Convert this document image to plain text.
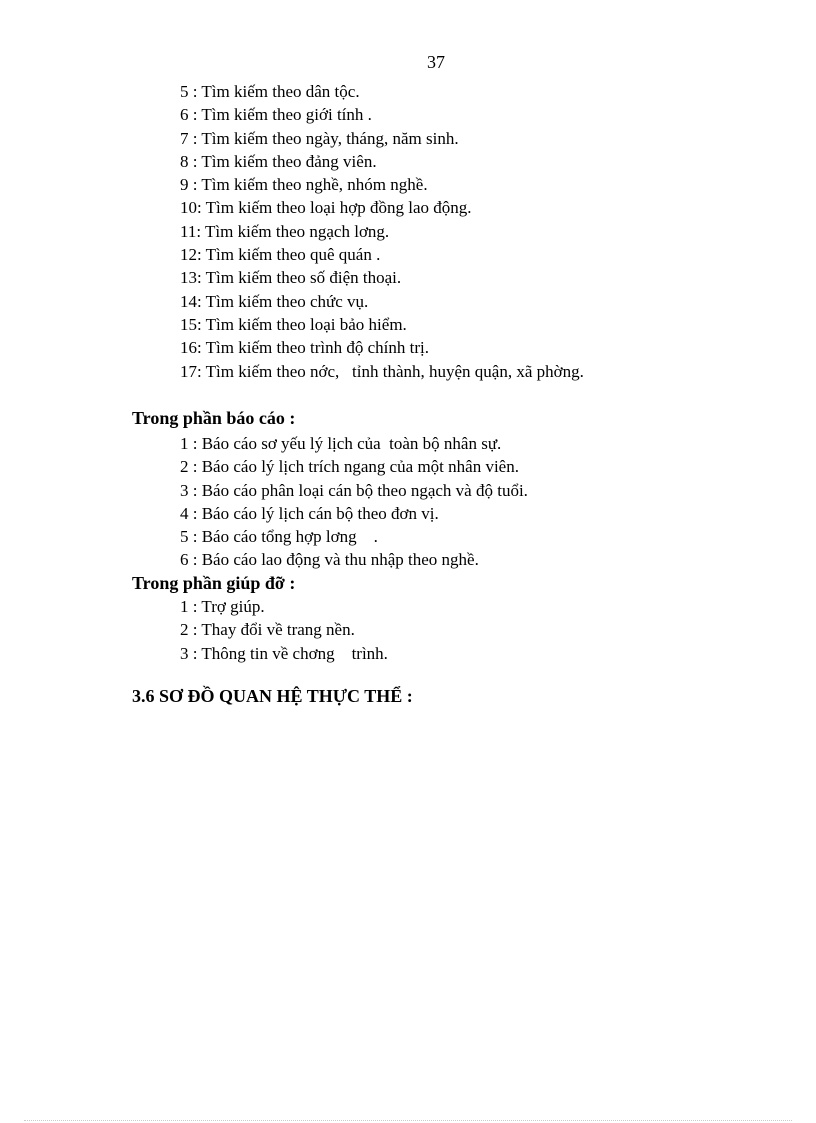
37
5 : Tìm kiếm theo dân tộc.
6 : Tìm kiếm theo giới tính .
7 : Tìm kiếm theo ngày, tháng, năm sinh.
8 : Tìm kiếm theo đảng viên.
9 : Tìm kiếm theo nghề, nhóm nghề.
10: Tìm kiếm theo loại hợp đồng lao động.
11: Tìm kiếm theo ngạch lơng.
12: Tìm kiếm theo quê quán .
13: Tìm kiếm theo số điện thoại.
14: Tìm kiếm theo chức vụ.
15: Tìm kiếm theo loại bảo hiểm.
16: Tìm kiếm theo trình độ chính trị.
17: Tìm kiếm theo nớc,   tỉnh thành, huyện quận, xã phờng.
Trong phần báo cáo :
1 : Báo cáo sơ yếu lý lịch của  toàn bộ nhân sự.
2 : Báo cáo lý lịch trích ngang của một nhân viên.
3 : Báo cáo phân loại cán bộ theo ngạch và độ tuổi.
4 : Báo cáo lý lịch cán bộ theo đơn vị.
5 : Báo cáo tổng hợp lơng    .
6 : Báo cáo lao động và thu nhập theo nghề.
Trong phần giúp đỡ :
1 : Trợ giúp.
2 : Thay đổi về trang nền.
3 : Thông tin về chơng    trình.
3.6 SƠ ĐỒ QUAN HỆ THỰC THỂ :
